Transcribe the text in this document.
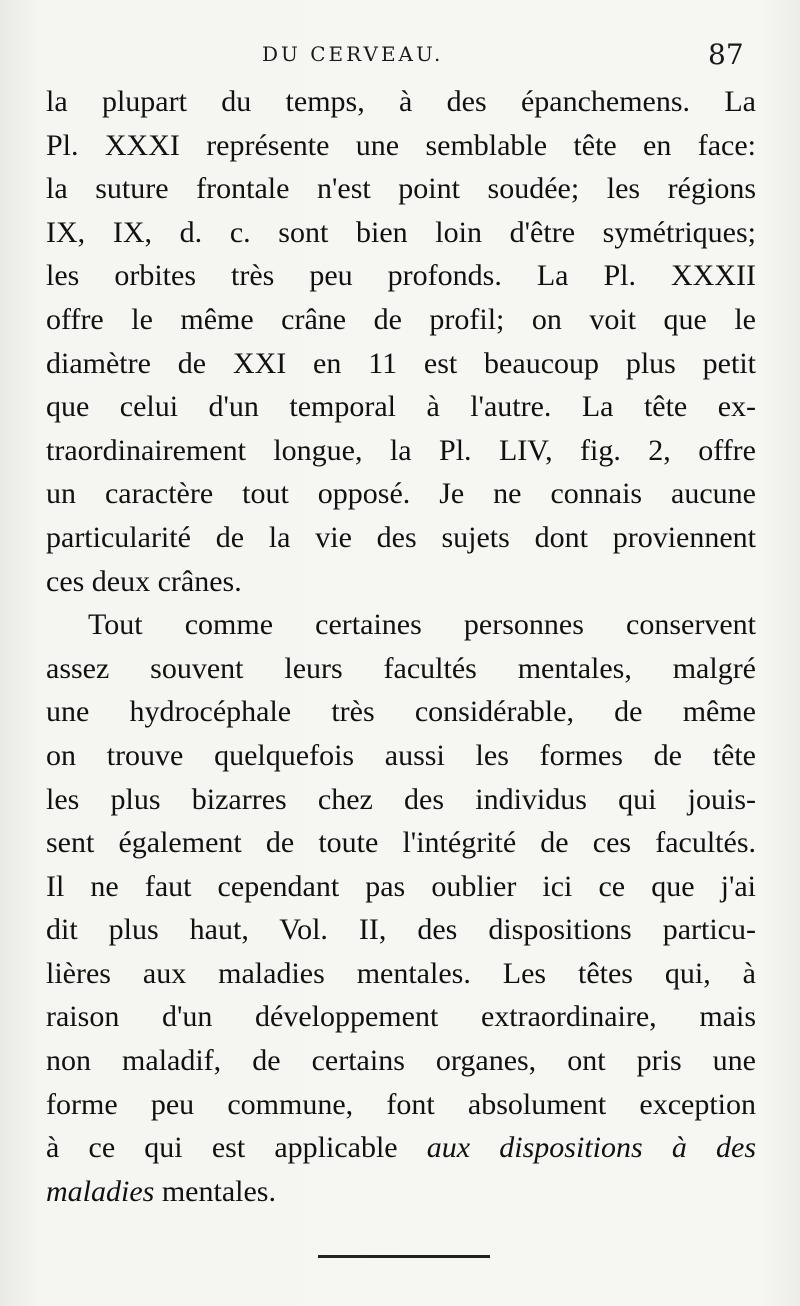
DU CERVEAU.	87
la plupart du temps, à des épanchemens. La
Pl. XXXI représente une semblable tête en face:
la suture frontale n'est point soudée; les régions
IX, IX, d. c. sont bien loin d'être symétriques;
les orbites très peu profonds. La Pl. XXXII
offre le même crâne de profil; on voit que le
diamètre de XXI en 11 est beaucoup plus petit
que celui d'un temporal à l'autre. La tête ex-
traordinairement longue, la Pl. LIV, fig. 2, offre
un caractère tout opposé. Je ne connais aucune
particularité de la vie des sujets dont proviennent
ces deux crânes.
Tout comme certaines personnes conservent
assez souvent leurs facultés mentales, malgré
une hydrocéphale très considérable, de même
on trouve quelquefois aussi les formes de tête
les plus bizarres chez des individus qui jouis-
sent également de toute l'intégrité de ces facultés.
Il ne faut cependant pas oublier ici ce que j'ai
dit plus haut, Vol. II, des dispositions particu-
lières aux maladies mentales. Les têtes qui, à
raison d'un développement extraordinaire, mais
non maladif, de certains organes, ont pris une
forme peu commune, font absolument exception
à ce qui est applicable aux dispositions à des
maladies mentales.
